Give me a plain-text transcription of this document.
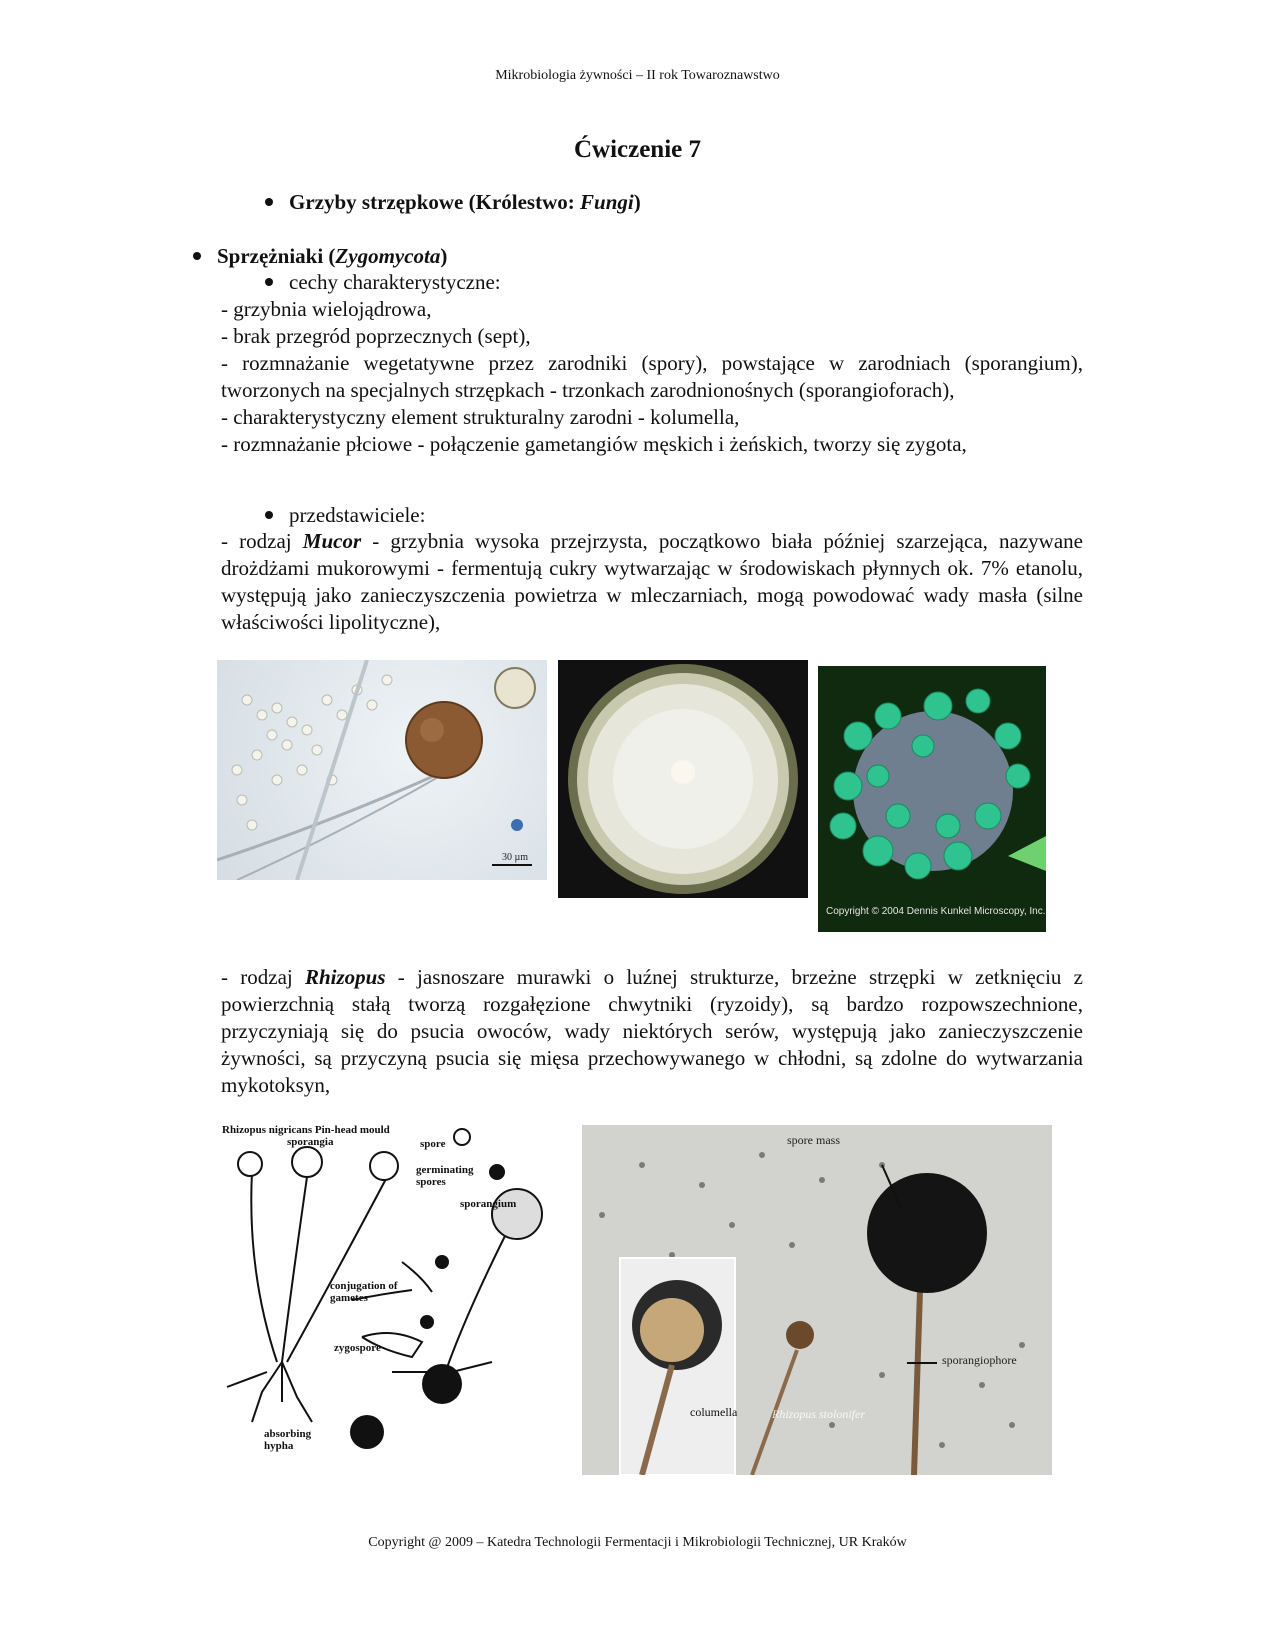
Mikrobiologia żywności – II rok Towaroznawstwo
Ćwiczenie 7
Grzyby strzępkowe (Królestwo: Fungi)
Sprzężniaki (Zygomycota)
cechy charakterystyczne:
- grzybnia wielojądrowa,
- brak przegród poprzecznych (sept),
- rozmnażanie wegetatywne przez zarodniki (spory), powstające w zarodniach (sporangium), tworzonych na specjalnych strzępkach - trzonkach zarodnionośnych (sporangioforach),
- charakterystyczny element strukturalny zarodni - kolumella,
- rozmnażanie płciowe - połączenie gametangiów męskich i żeńskich, tworzy się zygota,
przedstawiciele:
- rodzaj Mucor - grzybnia wysoka przejrzysta, początkowo biała później szarzejąca, nazywane drożdżami mukorowymi - fermentują cukry wytwarzając w środowiskach płynnych ok. 7% etanolu, występują jako zanieczyszczenia powietrza w mleczarniach, mogą powodować wady masła (silne właściwości lipolityczne),
30 µm
Copyright © 2004 Dennis Kunkel Microscopy, Inc.
- rodzaj Rhizopus - jasnoszare murawki o luźnej strukturze, brzeżne strzępki w zetknięciu z powierzchnią stałą tworzą rozgałęzione chwytniki (ryzoidy), są bardzo rozpowszechnione, przyczyniają się do psucia owoców, wady niektórych serów, występują jako zanieczyszczenie żywności, są przyczyną psucia się mięsa przechowywanego w chłodni, są zdolne do wytwarzania mykotoksyn,
Rhizopus nigricans Pin-head mould
sporangia	spore
germinating spores
sporangium
conjugation of gametes
zygospore
absorbing hypha
spore mass
sporangiophore
columella	Rhizopus stolonifer
Copyright @ 2009 – Katedra Technologii Fermentacji i Mikrobiologii Technicznej, UR Kraków
